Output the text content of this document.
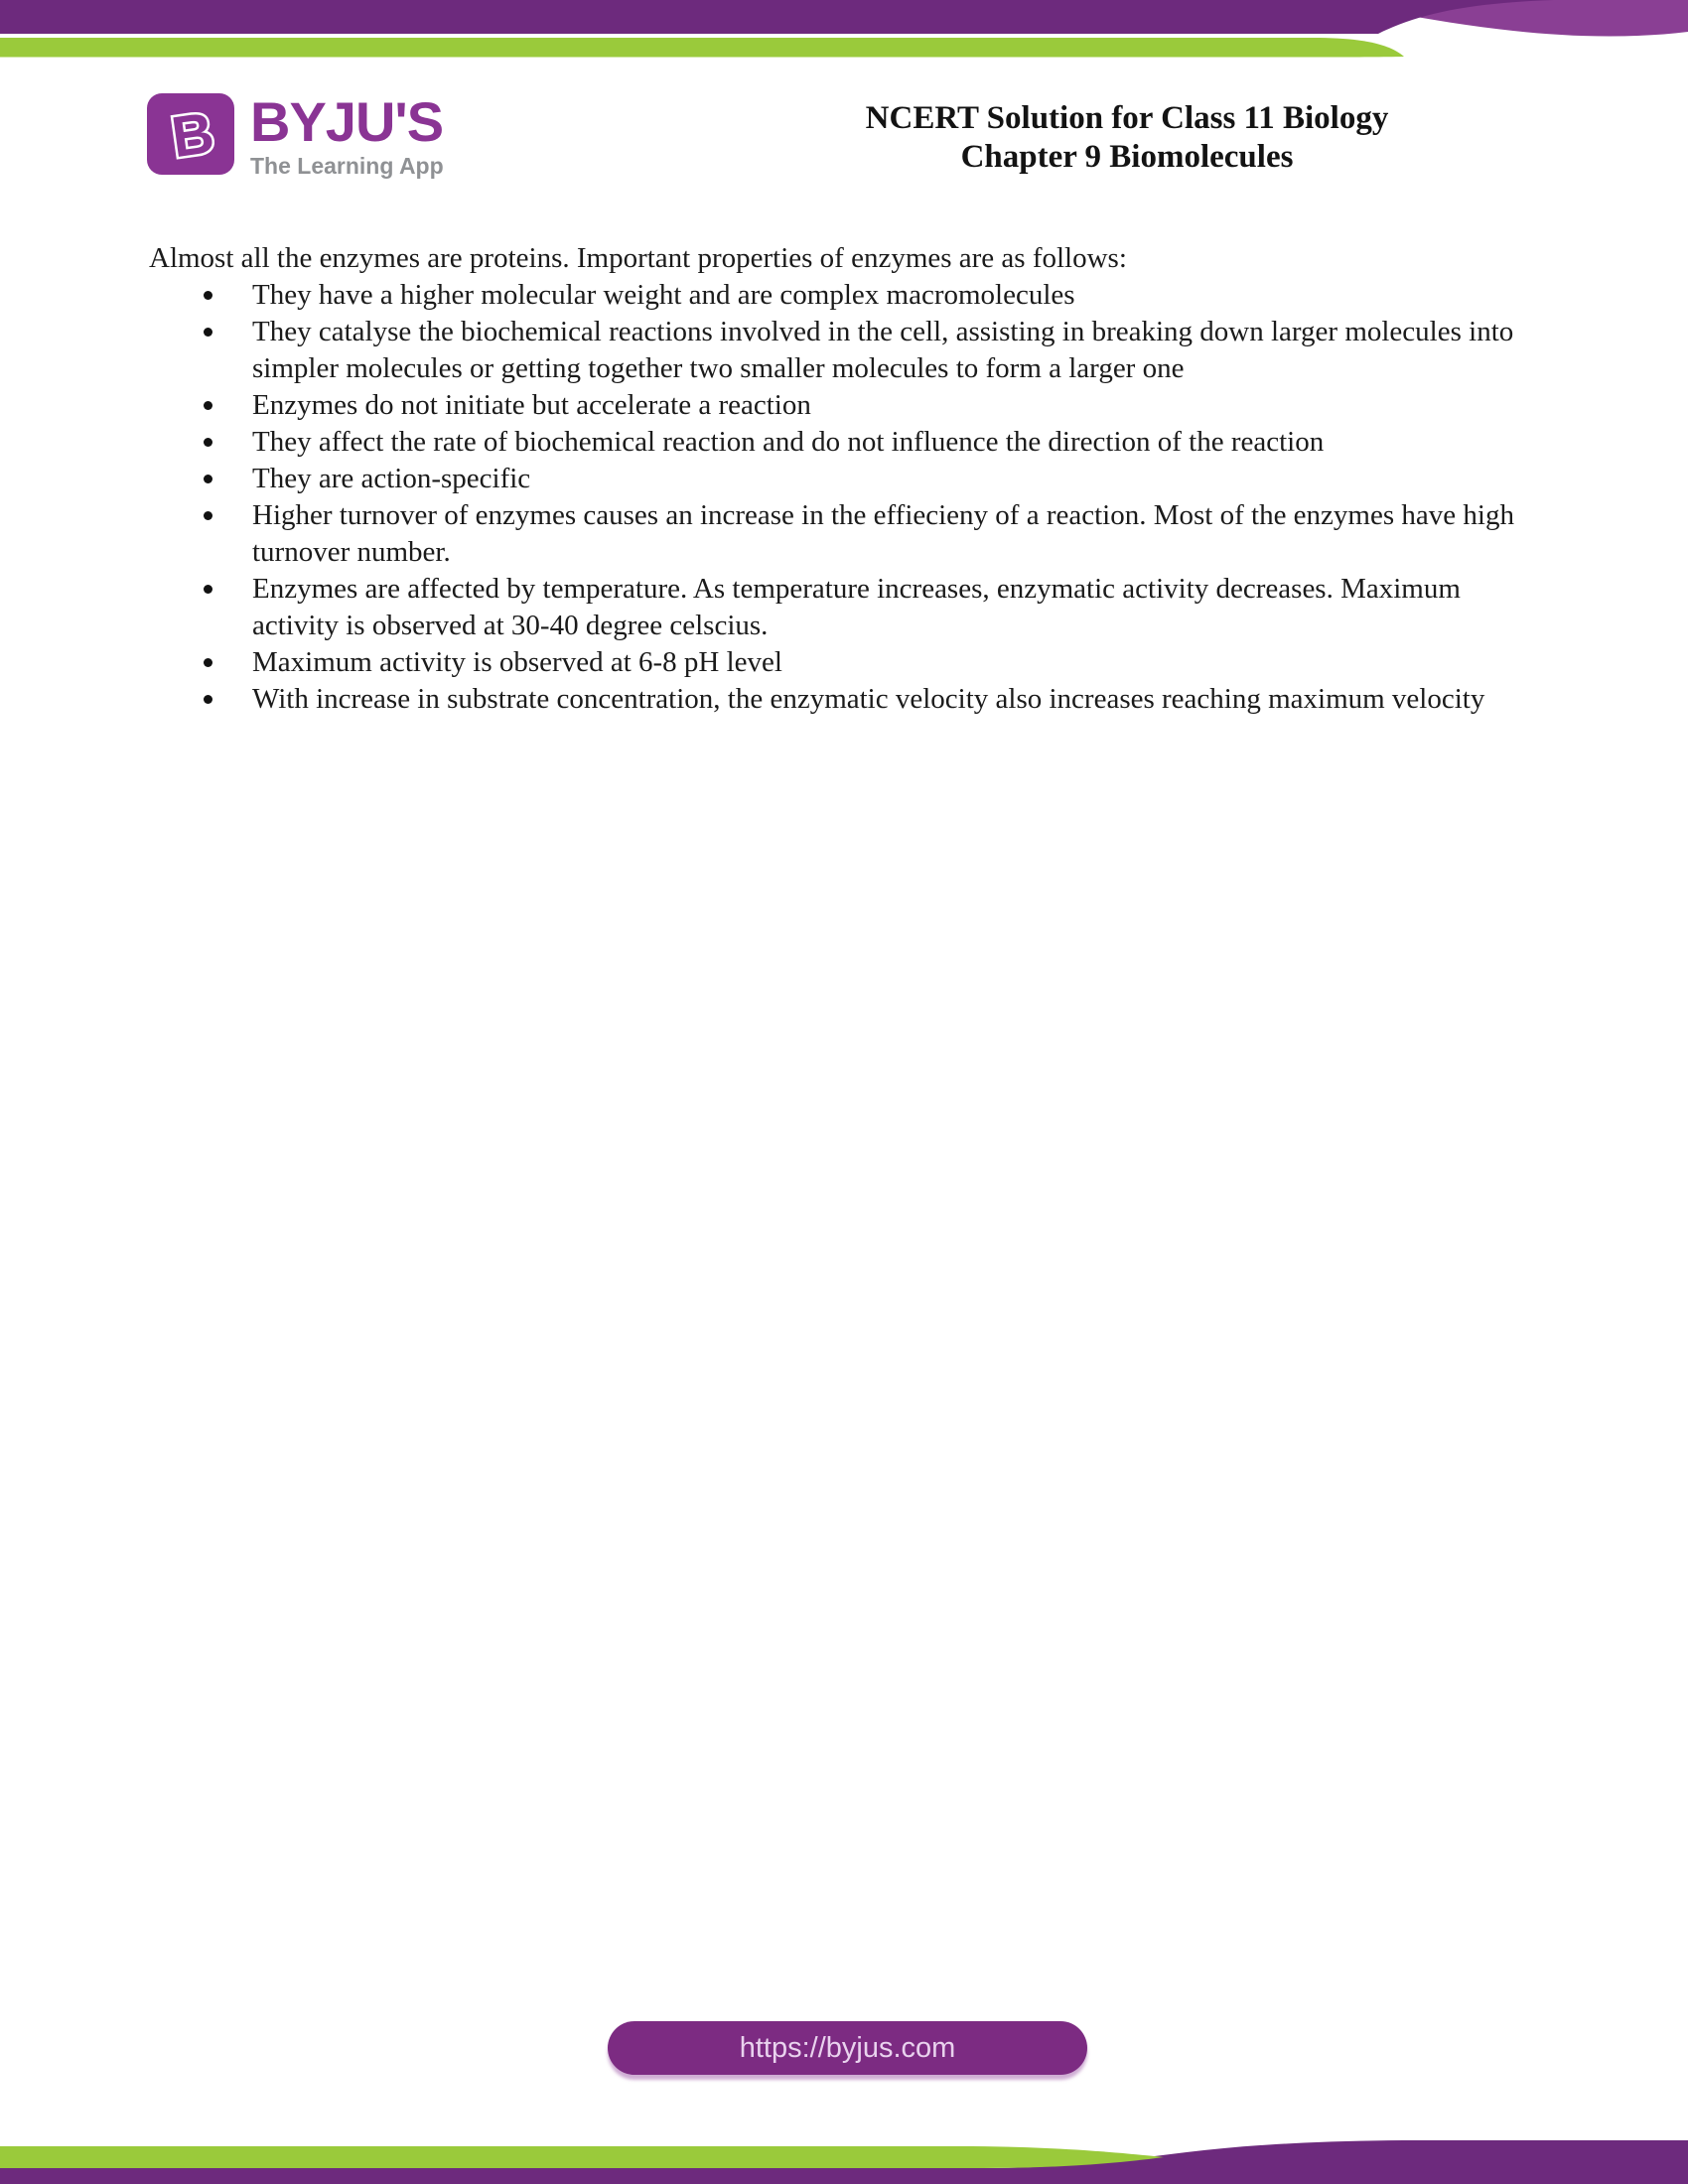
B BYJU'S
The Learning App
NCERT Solution for Class 11 Biology
Chapter 9 Biomolecules

Almost all the enzymes are proteins. Important properties of enzymes are as follows:

They have a higher molecular weight and are complex macromolecules
They catalyse the biochemical reactions involved in the cell, assisting in breaking down larger molecules into simpler molecules or getting together two smaller molecules to form a larger one
Enzymes do not initiate but accelerate a reaction
They affect the rate of biochemical reaction and do not influence the direction of the reaction
They are action-specific
Higher turnover of enzymes causes an increase in the effiecieny of a reaction. Most of the enzymes have high turnover number.
Enzymes are affected by temperature. As temperature increases, enzymatic activity decreases. Maximum activity is observed at 30-40 degree celscius.
Maximum activity is observed at 6-8 pH level
With increase in substrate concentration, the enzymatic velocity also increases reaching maximum velocity
https://byjus.com
